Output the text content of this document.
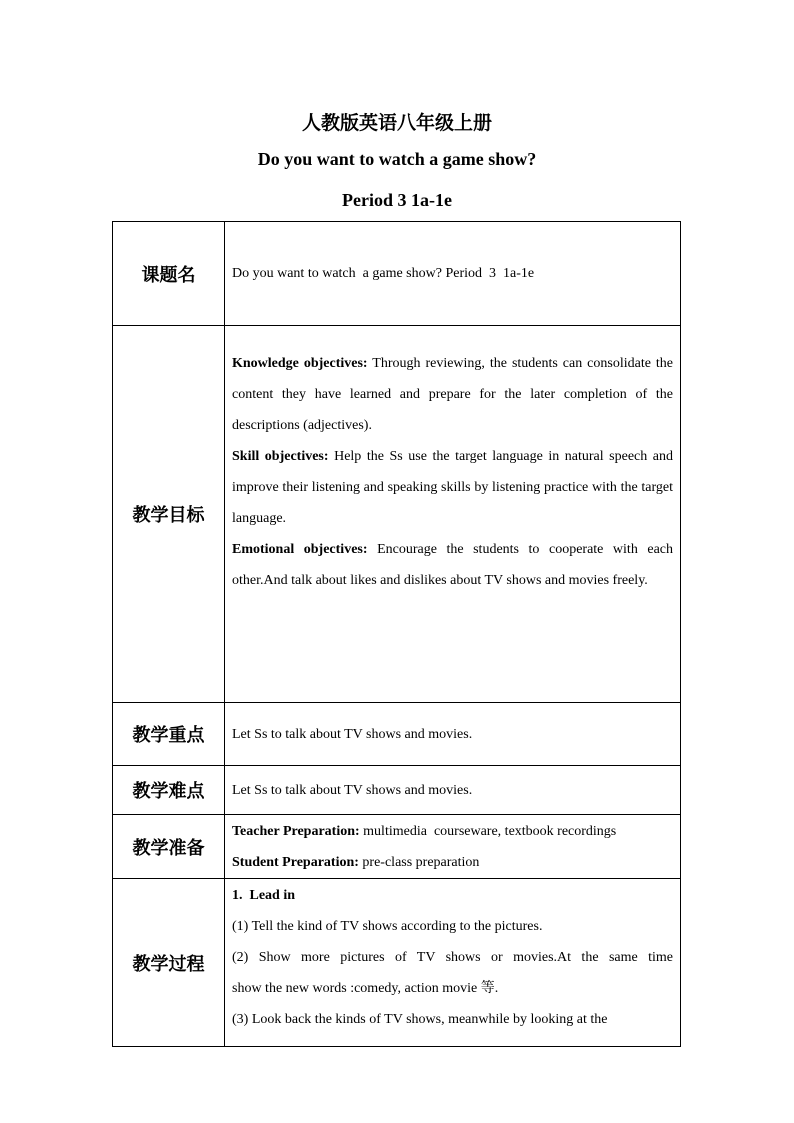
人教版英语八年级上册
Do you want to watch a game show?
Period 3 1a-1e
课题名	Do you want to watch  a game show? Period  3  1a-1e
教学目标	Knowledge objectives: Through reviewing, the students can consolidate the content they have learned and prepare for the later completion of the descriptions (adjectives).

Skill objectives: Help the Ss use the target language in natural speech and improve their listening and speaking skills by listening practice with the target language.

Emotional objectives: Encourage the students to cooperate with each other.And talk about likes and dislikes about TV shows and movies freely.

教学重点	Let Ss to talk about TV shows and movies.
教学难点	Let Ss to talk about TV shows and movies.
教学准备	Teacher Preparation: multimedia  courseware, textbook recordings

Student Preparation: pre-class preparation

教学过程	1.  Lead in

(1) Tell the kind of TV shows according to the pictures.

(2) Show more pictures of TV shows or movies.At the same time

show the new words :comedy, action movie 等.

(3) Look back the kinds of TV shows, meanwhile by looking at the
